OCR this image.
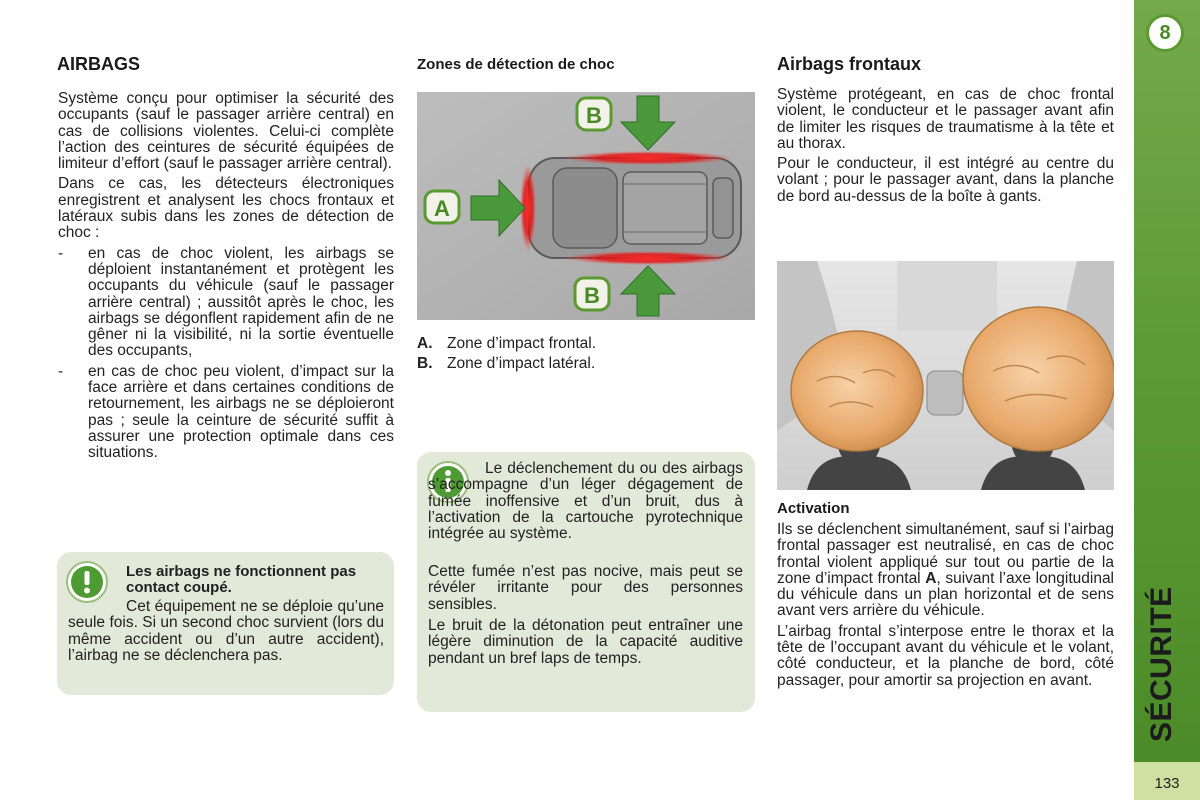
AIRBAGS

Système conçu pour optimiser la sécurité des occupants (sauf le passager arrière central) en cas de collisions violentes. Celui-ci complète l’action des ceintures de sécurité équipées de limiteur d’effort (sauf le passager arrière central).

Dans ce cas, les détecteurs électroniques enregistrent et analysent les chocs frontaux et latéraux subis dans les zones de détection de choc :

-	en cas de choc violent, les airbags se déploient instantanément et protègent les occupants du véhicule (sauf le passager arrière central) ; aussitôt après le choc, les airbags se dégonflent rapidement afin de ne gêner ni la visibilité, ni la sortie éventuelle des occupants,
-	en cas de choc peu violent, d’impact sur la face arrière et dans certaines conditions de retournement, les airbags ne se déploieront pas ; seule la ceinture de sécurité suffit à assurer une protection optimale dans ces situations.
Les airbags ne fonctionnent pas contact coupé.
Cet équipement ne se déploie qu’une seule fois. Si un second choc survient (lors du même accident ou d’un autre accident), l’airbag ne se déclenchera pas.
Zones de détection de choc
A
B
B
A. Zone d’impact frontal.
B. Zone d’impact latéral.
Le déclenchement du ou des airbags s’accompagne d’un léger dégagement de fumée inoffensive et d’un bruit, dus à l’activation de la cartouche pyrotechnique intégrée au système.
Cette fumée n’est pas nocive, mais peut se révéler irritante pour des personnes sensibles.
Le bruit de la détonation peut entraîner une légère diminution de la capacité auditive pendant un bref laps de temps.
Airbags frontaux

Système protégeant, en cas de choc frontal violent, le conducteur et le passager avant afin de limiter les risques de traumatisme à la tête et au thorax.

Pour le conducteur, il est intégré au centre du volant ; pour le passager avant, dans la planche de bord au-dessus de la boîte à gants.

Activation

Ils se déclenchent simultanément, sauf si l’airbag frontal passager est neutralisé, en cas de choc frontal violent appliqué sur tout ou partie de la zone d’impact frontal A, suivant l’axe longitudinal du véhicule dans un plan horizontal et de sens avant vers arrière du véhicule.

L’airbag frontal s’interpose entre le thorax et la tête de l’occupant avant du véhicule et le volant, côté conducteur, et la planche de bord, côté passager, pour amortir sa projection en avant.

8
SÉCURITÉ
133
